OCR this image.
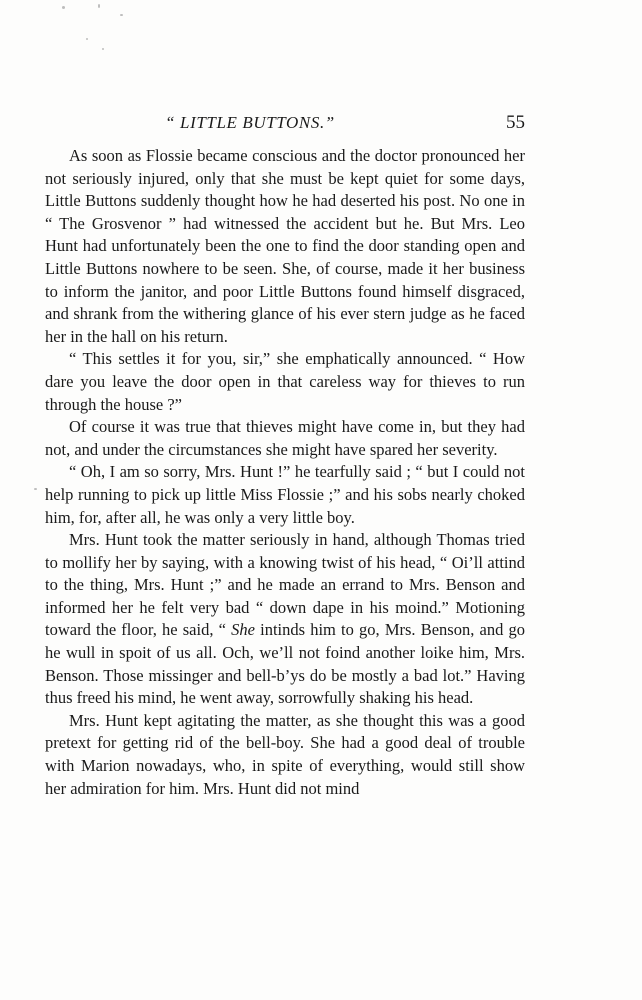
“ LITTLE BUTTONS.”	55

As soon as Flossie became conscious and the doctor pronounced her not seriously injured, only that she must be kept quiet for some days, Little Buttons suddenly thought how he had deserted his post. No one in “ The Grosvenor ” had witnessed the accident but he. But Mrs. Leo Hunt had unfortunately been the one to find the door standing open and Little Buttons nowhere to be seen. She, of course, made it her business to inform the janitor, and poor Little Buttons found himself disgraced, and shrank from the withering glance of his ever stern judge as he faced her in the hall on his return.

“ This settles it for you, sir,” she emphatically announced. “ How dare you leave the door open in that careless way for thieves to run through the house ?”

Of course it was true that thieves might have come in, but they had not, and under the circumstances she might have spared her severity.

“ Oh, I am so sorry, Mrs. Hunt !” he tearfully said ; “ but I could not help running to pick up little Miss Flossie ;” and his sobs nearly choked him, for, after all, he was only a very little boy.

Mrs. Hunt took the matter seriously in hand, although Thomas tried to mollify her by saying, with a knowing twist of his head, “ Oi’ll attind to the thing, Mrs. Hunt ;” and he made an errand to Mrs. Benson and informed her he felt very bad “ down dape in his moind.” Motioning toward the floor, he said, “ She intinds him to go, Mrs. Benson, and go he wull in spoit of us all. Och, we’ll not foind another loike him, Mrs. Benson. Those missinger and bell-b’ys do be mostly a bad lot.” Having thus freed his mind, he went away, sorrowfully shaking his head.

Mrs. Hunt kept agitating the matter, as she thought this was a good pretext for getting rid of the bell-boy. She had a good deal of trouble with Marion nowadays, who, in spite of everything, would still show her admiration for him. Mrs. Hunt did not mind
